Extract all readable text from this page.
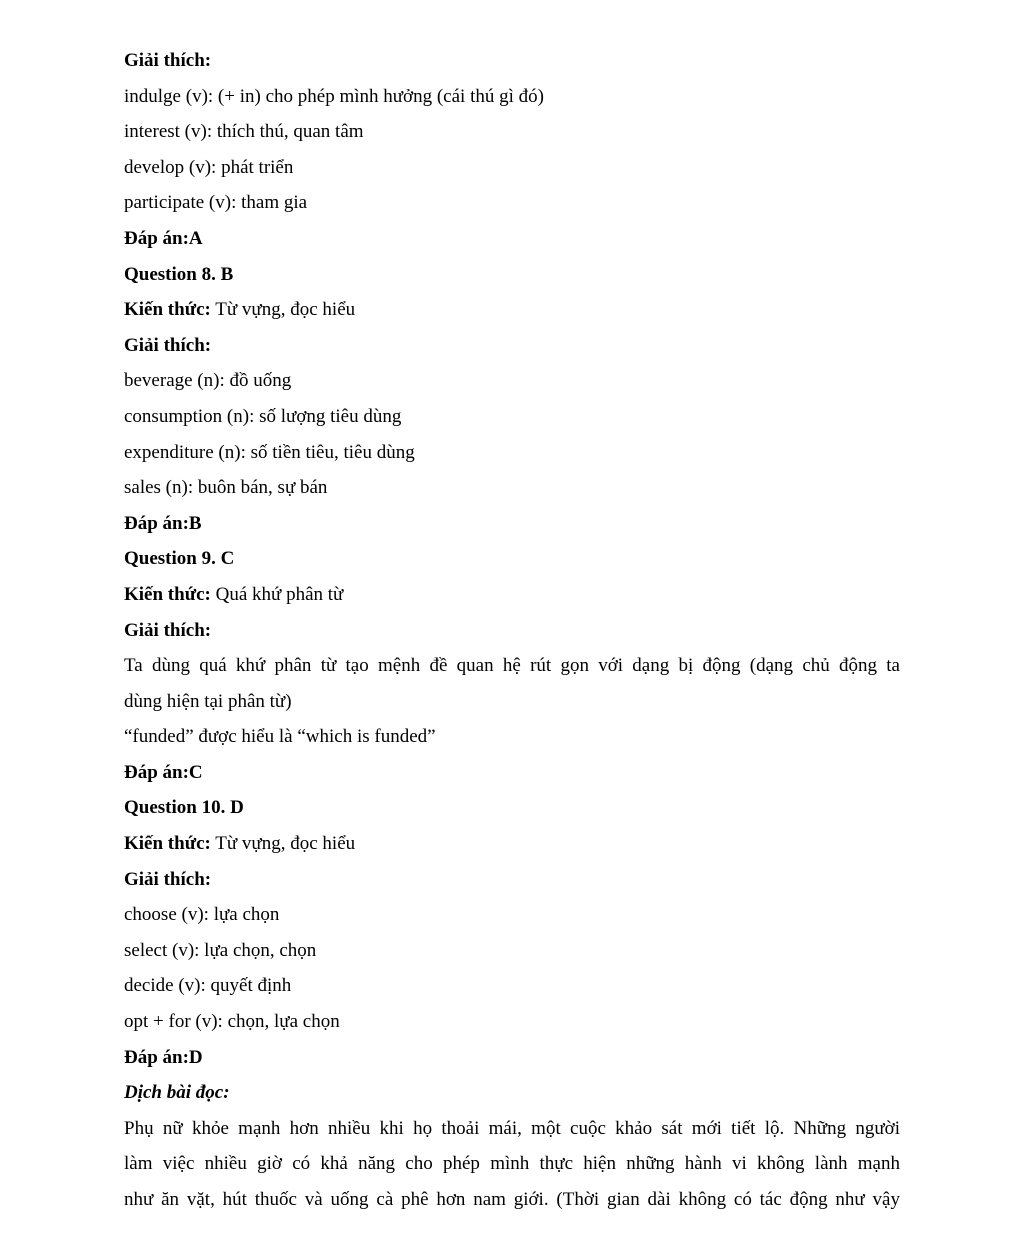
Giải thích:
indulge (v): (+ in) cho phép mình hưởng (cái thú gì đó)
interest (v): thích thú, quan tâm
develop (v): phát triển
participate (v): tham gia
Đáp án:A
Question 8. B
Kiến thức: Từ vựng, đọc hiểu
Giải thích:
beverage (n): đồ uống
consumption (n): số lượng tiêu dùng
expenditure (n): số tiền tiêu, tiêu dùng
sales (n): buôn bán, sự bán
Đáp án:B
Question 9. C
Kiến thức: Quá khứ phân từ
Giải thích:
Ta dùng quá khứ phân từ tạo mệnh đề quan hệ rút gọn với dạng bị động (dạng chủ động ta
dùng hiện tại phân từ)
“funded” được hiểu là “which is funded”
Đáp án:C
Question 10. D
Kiến thức: Từ vựng, đọc hiểu
Giải thích:
choose (v): lựa chọn
select (v): lựa chọn, chọn
decide (v): quyết định
opt + for (v): chọn, lựa chọn
Đáp án:D
Dịch bài đọc:
Phụ nữ khỏe mạnh hơn nhiều khi họ thoải mái, một cuộc khảo sát mới tiết lộ. Những người
làm việc nhiều giờ có khả năng cho phép mình thực hiện những hành vi không lành mạnh
như ăn vặt, hút thuốc và uống cà phê hơn nam giới. (Thời gian dài không có tác động như vậy
